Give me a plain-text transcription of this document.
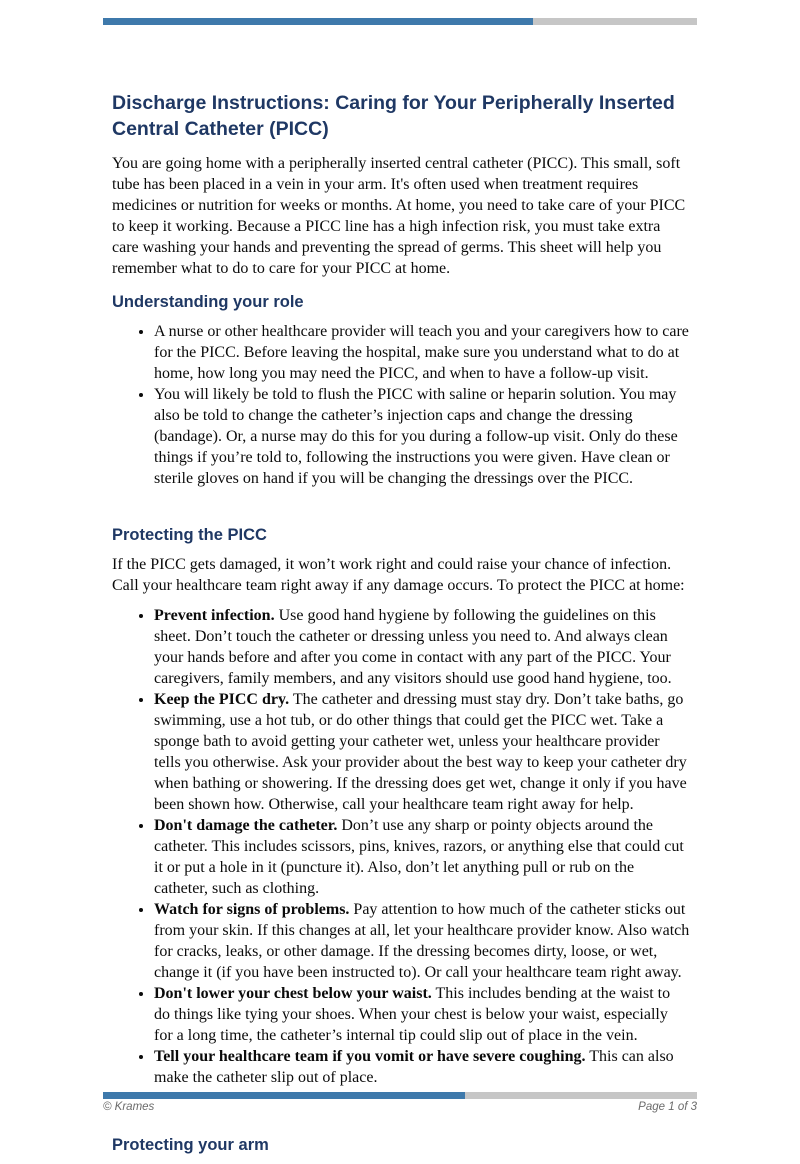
Discharge Instructions: Caring for Your Peripherally Inserted Central Catheter (PICC)

You are going home with a peripherally inserted central catheter (PICC). This small, soft tube has been placed in a vein in your arm. It's often used when treatment requires medicines or nutrition for weeks or months. At home, you need to take care of your PICC to keep it working. Because a PICC line has a high infection risk, you must take extra care washing your hands and preventing the spread of germs. This sheet will help you remember what to do to care for your PICC at home.

Understanding your role
• A nurse or other healthcare provider will teach you and your caregivers how to care for the PICC. Before leaving the hospital, make sure you understand what to do at home, how long you may need the PICC, and when to have a follow-up visit.
• You will likely be told to flush the PICC with saline or heparin solution. You may also be told to change the catheter’s injection caps and change the dressing (bandage). Or, a nurse may do this for you during a follow-up visit. Only do these things if you’re told to, following the instructions you were given. Have clean or sterile gloves on hand if you will be changing the dressings over the PICC.
Protecting the PICC

If the PICC gets damaged, it won’t work right and could raise your chance of infection. Call your healthcare team right away if any damage occurs. To protect the PICC at home:

• Prevent infection. Use good hand hygiene by following the guidelines on this sheet. Don’t touch the catheter or dressing unless you need to. And always clean your hands before and after you come in contact with any part of the PICC. Your caregivers, family members, and any visitors should use good hand hygiene, too.
• Keep the PICC dry. The catheter and dressing must stay dry. Don’t take baths, go swimming, use a hot tub, or do other things that could get the PICC wet. Take a sponge bath to avoid getting your catheter wet, unless your healthcare provider tells you otherwise. Ask your provider about the best way to keep your catheter dry when bathing or showering. If the dressing does get wet, change it only if you have been shown how. Otherwise, call your healthcare team right away for help.
• Don't damage the catheter. Don’t use any sharp or pointy objects around the catheter. This includes scissors, pins, knives, razors, or anything else that could cut it or put a hole in it (puncture it). Also, don’t let anything pull or rub on the catheter, such as clothing.
• Watch for signs of problems. Pay attention to how much of the catheter sticks out from your skin. If this changes at all, let your healthcare provider know. Also watch for cracks, leaks, or other damage. If the dressing becomes dirty, loose, or wet, change it (if you have been instructed to). Or call your healthcare team right away.
• Don't lower your chest below your waist. This includes bending at the waist to do things like tying your shoes. When your chest is below your waist, especially for a long time, the catheter’s internal tip could slip out of place in the vein.
• Tell your healthcare team if you vomit or have severe coughing. This can also make the catheter slip out of place.
Protecting your arm
© Krames	Page 1 of 3
